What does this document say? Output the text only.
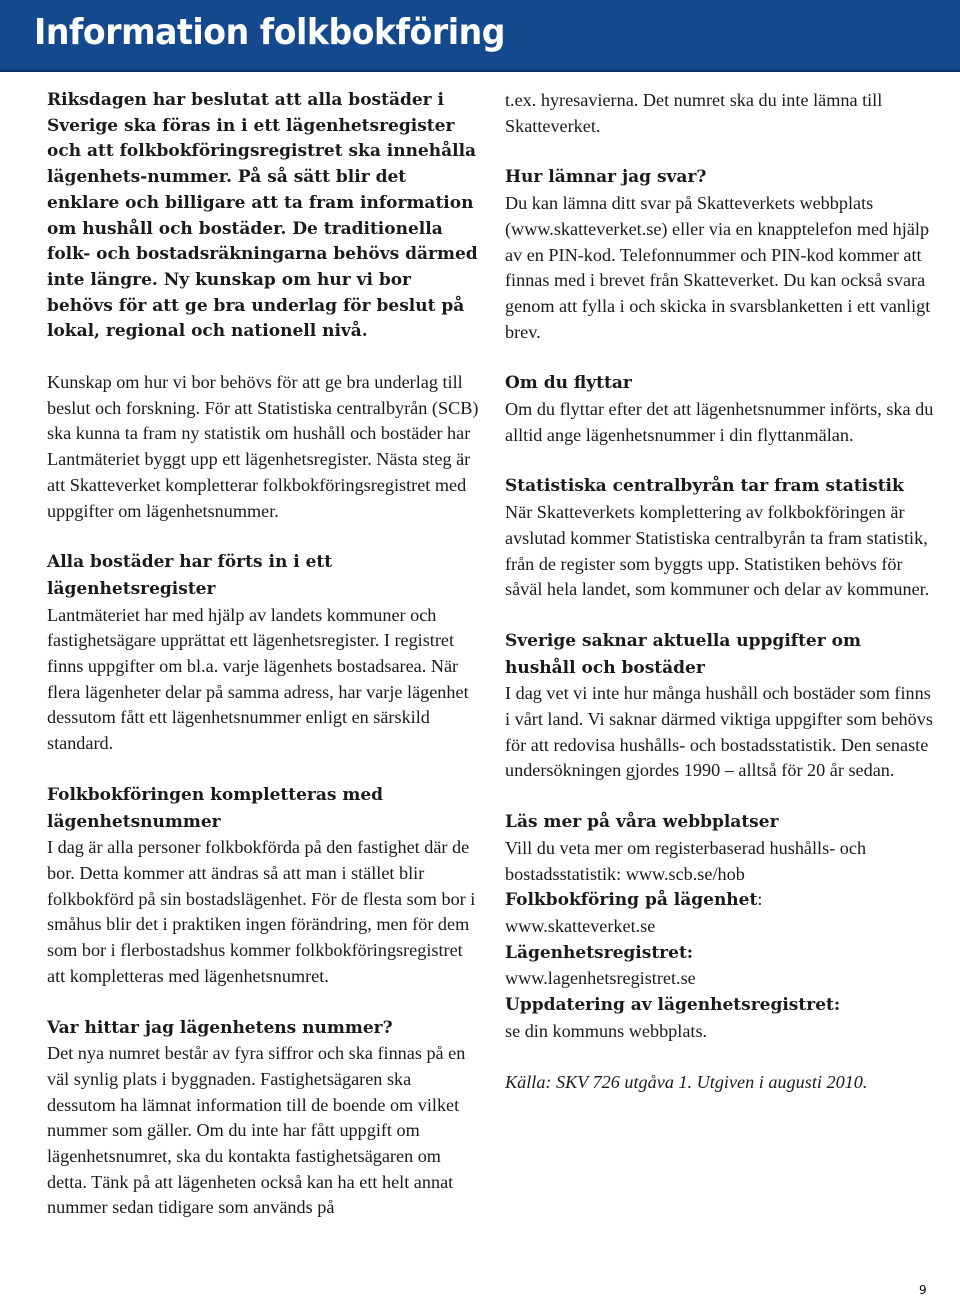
Information folkbokföring

Riksdagen har beslutat att alla bostäder i Sverige ska föras in i ett lägenhetsregister och att folkbokföringsregistret ska innehålla lägenhets-nummer. På så sätt blir det enklare och billigare att ta fram information om hushåll och bostäder. De traditionella folk- och bostadsräkningarna behövs därmed inte längre. Ny kunskap om hur vi bor behövs för att ge bra underlag för beslut på lokal, regional och nationell nivå.

Kunskap om hur vi bor behövs för att ge bra underlag till beslut och forskning. För att Statistiska centralbyrån (SCB) ska kunna ta fram ny statistik om hushåll och bostäder har Lantmäteriet byggt upp ett lägenhetsregister. Nästa steg är att Skatteverket kompletterar folkbokföringsregistret med uppgifter om lägenhetsnummer.

Alla bostäder har förts in i ett lägenhetsregister
Lantmäteriet har med hjälp av landets kommuner och fastighetsägare upprättat ett lägenhetsregister. I registret finns uppgifter om bl.a. varje lägenhets bostadsarea. När flera lägenheter delar på samma adress, har varje lägenhet dessutom fått ett lägenhetsnummer enligt en särskild standard.

Folkbokföringen kompletteras med lägenhetsnummer
I dag är alla personer folkbokförda på den fastighet där de bor. Detta kommer att ändras så att man i stället blir folkbokförd på sin bostadslägenhet. För de flesta som bor i småhus blir det i praktiken ingen förändring, men för dem som bor i flerbostadshus kommer folkbokföringsregistret att kompletteras med lägenhetsnumret.

Var hittar jag lägenhetens nummer?
Det nya numret består av fyra siffror och ska finnas på en väl synlig plats i byggnaden. Fastighetsägaren ska dessutom ha lämnat information till de boende om vilket nummer som gäller. Om du inte har fått uppgift om lägenhetsnumret, ska du kontakta fastighetsägaren om detta. Tänk på att lägenheten också kan ha ett helt annat nummer sedan tidigare som används på

t.ex. hyresavierna. Det numret ska du inte lämna till Skatteverket.

Hur lämnar jag svar?
Du kan lämna ditt svar på Skatteverkets webbplats (www.skatteverket.se) eller via en knapptelefon med hjälp av en PIN-kod. Telefonnummer och PIN-kod kommer att finnas med i brevet från Skatteverket. Du kan också svara genom att fylla i och skicka in svarsblanketten i ett vanligt brev.

Om du flyttar
Om du flyttar efter det att lägenhetsnummer införts, ska du alltid ange lägenhetsnummer i din flyttanmälan.

Statistiska centralbyrån tar fram statistik
När Skatteverkets komplettering av folkbokföringen är avslutad kommer Statistiska centralbyrån ta fram statistik, från de register som byggts upp. Statistiken behövs för såväl hela landet, som kommuner och delar av kommuner.

Sverige saknar aktuella uppgifter om hushåll och bostäder
I dag vet vi inte hur många hushåll och bostäder som finns i vårt land. Vi saknar därmed viktiga uppgifter som behövs för att redovisa hushålls- och bostadsstatistik. Den senaste undersökningen gjordes 1990 – alltså för 20 år sedan.

Läs mer på våra webbplatser
Vill du veta mer om registerbaserad hushålls- och bostadsstatistik: www.scb.se/hob
Folkbokföring på lägenhet:
www.skatteverket.se
Lägenhetsregistret:
www.lagenhetsregistret.se
Uppdatering av lägenhetsregistret:
se din kommuns webbplats.

Källa: SKV 726 utgåva 1. Utgiven i augusti 2010.

9
